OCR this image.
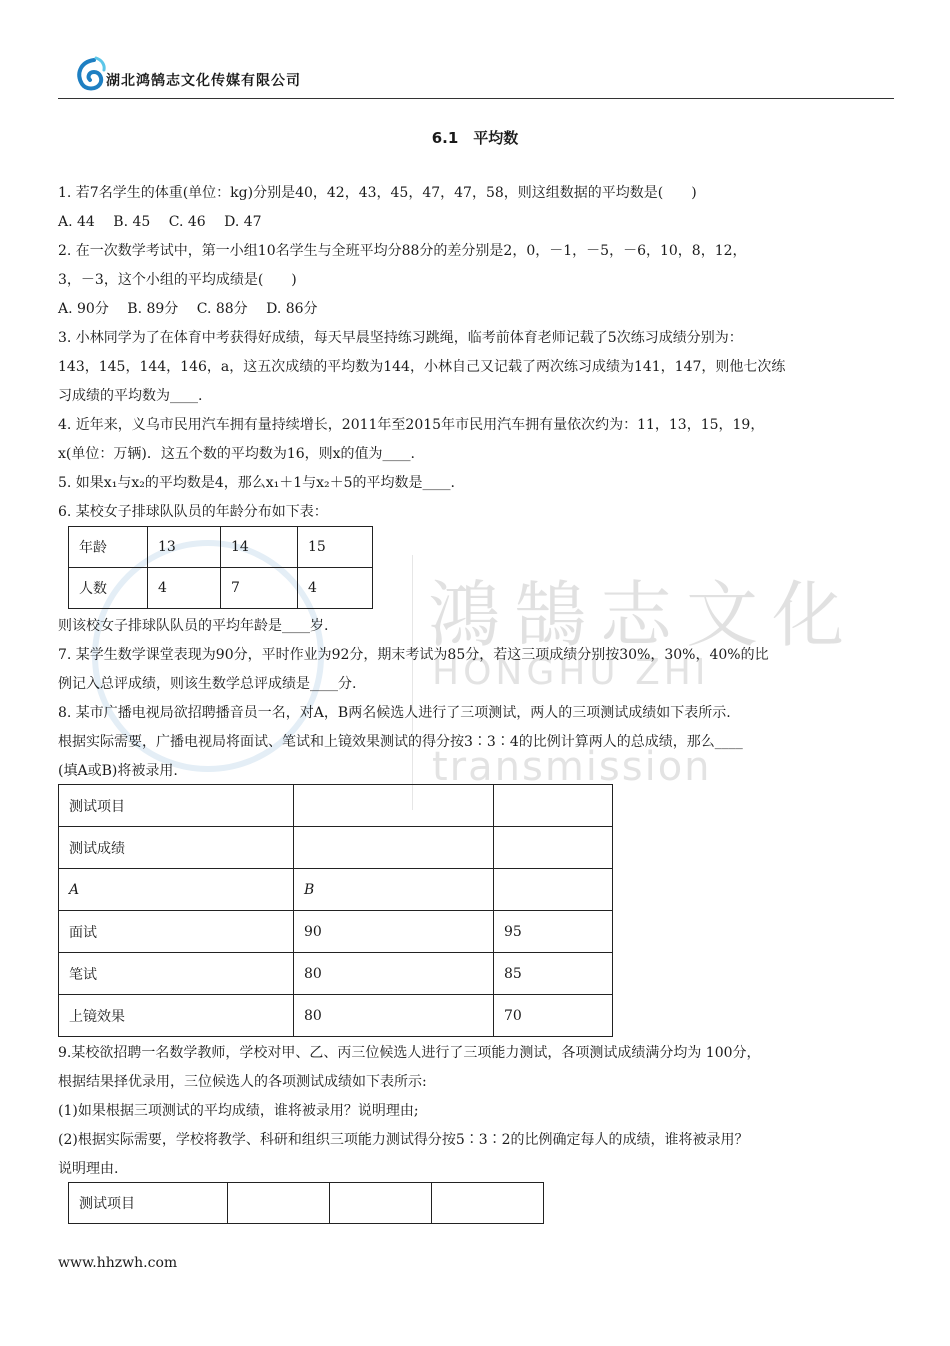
鴻鵠志文化
HONGHU ZHI
transmission
湖北鸿鹄志文化传媒有限公司
6.1　平均数
1. 若7名学生的体重(单位：kg)分别是40，42，43，45，47，47，58，则这组数据的平均数是(　　)
A. 44　 B. 45　 C. 46　 D. 47
2. 在一次数学考试中，第一小组10名学生与全班平均分88分的差分别是2，0，－1，－5，－6，10，8，12，
3，－3，这个小组的平均成绩是(　　)
A. 90分　 B. 89分　 C. 88分　 D. 86分
3. 小林同学为了在体育中考获得好成绩，每天早晨坚持练习跳绳，临考前体育老师记载了5次练习成绩分别为：
143，145，144，146，a，这五次成绩的平均数为144，小林自己又记载了两次练习成绩为141，147，则他七次练
习成绩的平均数为____.
4. 近年来，义乌市民用汽车拥有量持续增长，2011年至2015年市民用汽车拥有量依次约为：11，13，15，19，
x(单位：万辆)．这五个数的平均数为16，则x的值为____.
5. 如果x₁与x₂的平均数是4，那么x₁＋1与x₂＋5的平均数是____.
6. 某校女子排球队队员的年龄分布如下表：
则该校女子排球队队员的平均年龄是____岁.
7. 某学生数学课堂表现为90分，平时作业为92分，期末考试为85分，若这三项成绩分别按30%，30%，40%的比
例记入总评成绩，则该生数学总评成绩是____分.
8. 某市广播电视局欲招聘播音员一名，对A，B两名候选人进行了三项测试，两人的三项测试成绩如下表所示.
根据实际需要，广播电视局将面试、笔试和上镜效果测试的得分按3∶3∶4的比例计算两人的总成绩，那么____
(填A或B)将被录用.
9.某校欲招聘一名数学教师，学校对甲、乙、丙三位候选人进行了三项能力测试，各项测试成绩满分均为 100分，
根据结果择优录用，三位候选人的各项测试成绩如下表所示:
(1)如果根据三项测试的平均成绩，谁将被录用？说明理由;
(2)根据实际需要，学校将教学、科研和组织三项能力测试得分按5∶3∶2的比例确定每人的成绩，谁将被录用？
说明理由.
年龄	13	14	15
人数	4	7	4
测试项目		
测试成绩		
A	B	
面试	90	95
笔试	80	85
上镜效果	80	70
测试项目			
www.hhzwh.com
